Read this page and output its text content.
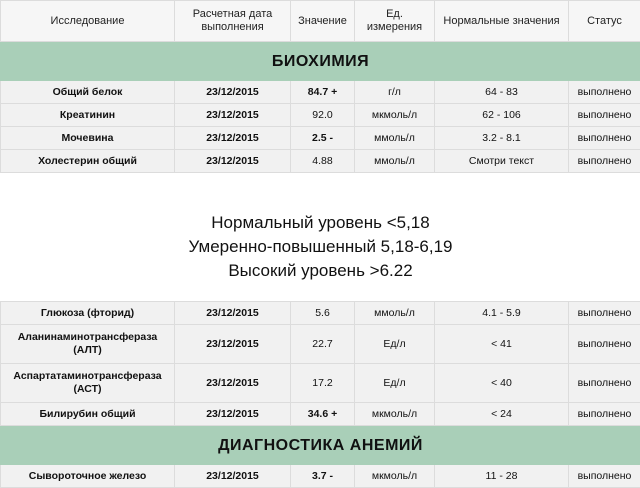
Исследование	Расчетная дата выполнения	Значение	Ед. измерения	Нормальные значения	Статус
БИОХИМИЯ					
Общий белок	23/12/2015	84.7 +	г/л	64 - 83	выполнено
Креатинин	23/12/2015	92.0	мкмоль/л	62 - 106	выполнено
Мочевина	23/12/2015	2.5 -	ммоль/л	3.2 - 8.1	выполнено
Холестерин общий	23/12/2015	4.88	ммоль/л	Смотри текст	выполнено

Нормальный уровень <5,18
Умеренно-повышенный 5,18-6,19
Высокий уровень >6.22					

Глюкоза (фторид)	23/12/2015	5.6	ммоль/л	4.1 - 5.9	выполнено
Аланинаминотрансфераза (АЛТ)	23/12/2015	22.7	Ед/л	< 41	выполнено
Аспартатаминотрансфераза (АСТ)	23/12/2015	17.2	Ед/л	< 40	выполнено
Билирубин общий	23/12/2015	34.6 +	мкмоль/л	< 24	выполнено
ДИАГНОСТИКА АНЕМИЙ					
Сывороточное железо	23/12/2015	3.7 -	мкмоль/л	11 - 28	выполнено
